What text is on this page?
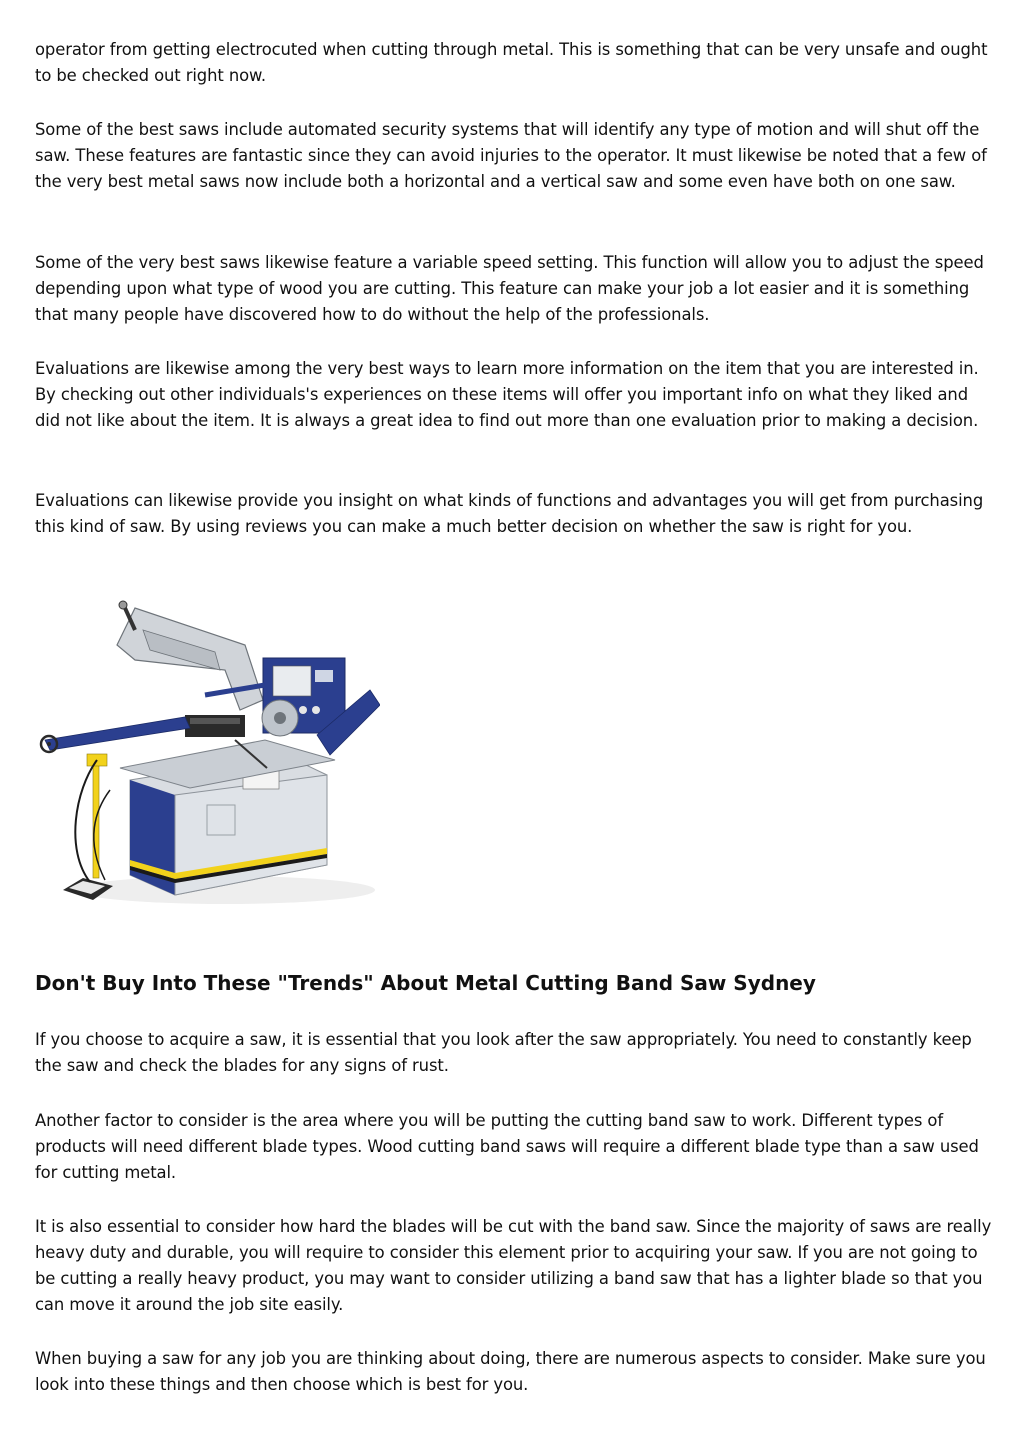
operator from getting electrocuted when cutting through metal. This is something that can be very unsafe and ought to be checked out right now.

Some of the best saws include automated security systems that will identify any type of motion and will shut off the saw. These features are fantastic since they can avoid injuries to the operator. It must likewise be noted that a few of the very best metal saws now include both a horizontal and a vertical saw and some even have both on one saw.

Some of the very best saws likewise feature a variable speed setting. This function will allow you to adjust the speed depending upon what type of wood you are cutting. This feature can make your job a lot easier and it is something that many people have discovered how to do without the help of the professionals.

Evaluations are likewise among the very best ways to learn more information on the item that you are interested in. By checking out other individuals's experiences on these items will offer you important info on what they liked and did not like about the item. It is always a great idea to find out more than one evaluation prior to making a decision.

Evaluations can likewise provide you insight on what kinds of functions and advantages you will get from purchasing this kind of saw. By using reviews you can make a much better decision on whether the saw is right for you.

Don't Buy Into These "Trends" About Metal Cutting Band Saw Sydney

If you choose to acquire a saw, it is essential that you look after the saw appropriately. You need to constantly keep the saw and check the blades for any signs of rust.

Another factor to consider is the area where you will be putting the cutting band saw to work. Different types of products will need different blade types. Wood cutting band saws will require a different blade type than a saw used for cutting metal.

It is also essential to consider how hard the blades will be cut with the band saw. Since the majority of saws are really heavy duty and durable, you will require to consider this element prior to acquiring your saw. If you are not going to be cutting a really heavy product, you may want to consider utilizing a band saw that has a lighter blade so that you can move it around the job site easily.

When buying a saw for any job you are thinking about doing, there are numerous aspects to consider. Make sure you look into these things and then choose which is best for you.
